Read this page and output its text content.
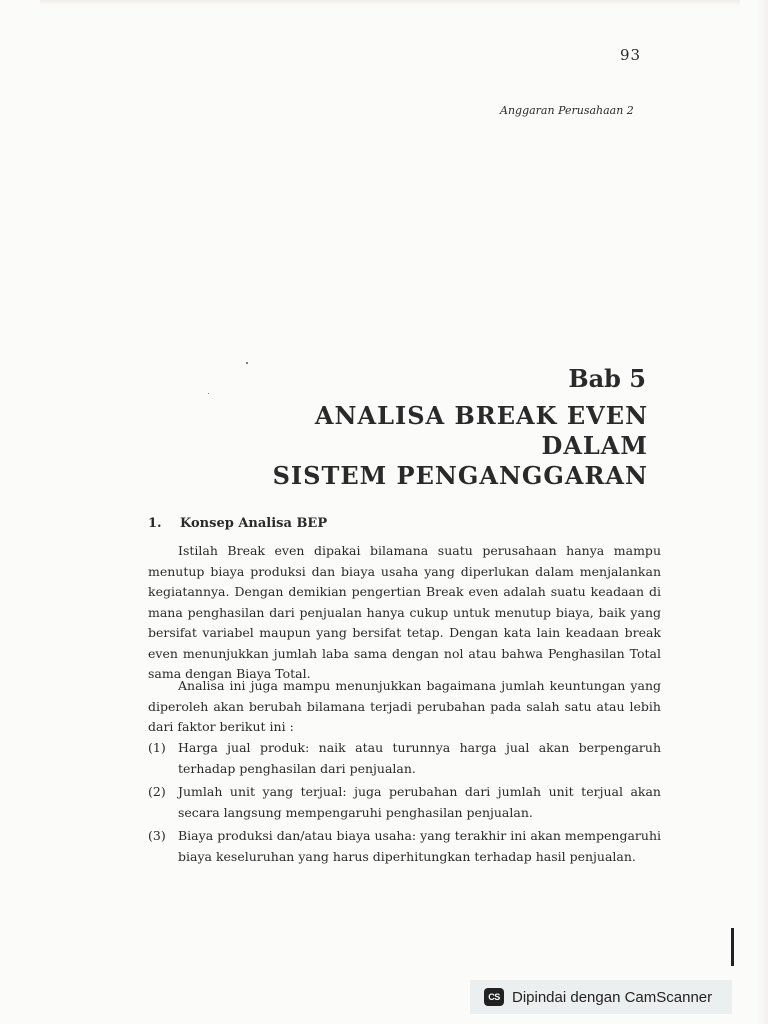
93
Anggaran Perusahaan 2
Bab 5
ANALISA BREAK EVEN
DALAM
SISTEM PENGANGGARAN
1. Konsep Analisa BEP
Istilah Break even dipakai bilamana suatu perusahaan hanya mampu menutup biaya produksi dan biaya usaha yang diperlukan dalam menjalankan kegiatannya. Dengan demikian pengertian Break even adalah suatu keadaan di mana penghasilan dari penjualan hanya cukup untuk menutup biaya, baik yang bersifat variabel maupun yang bersifat tetap. Dengan kata lain keadaan break even menunjukkan jumlah laba sama dengan nol atau bahwa Penghasilan Total sama dengan Biaya Total.
Analisa ini juga mampu menunjukkan bagaimana jumlah keuntungan yang diperoleh akan berubah bilamana terjadi perubahan pada salah satu atau lebih dari faktor berikut ini :
(1) Harga jual produk: naik atau turunnya harga jual akan berpengaruh terhadap penghasilan dari penjualan.
(2) Jumlah unit yang terjual: juga perubahan dari jumlah unit terjual akan secara langsung mempengaruhi penghasilan penjualan.
(3) Biaya produksi dan/atau biaya usaha: yang terakhir ini akan mempengaruhi biaya keseluruhan yang harus diperhitungkan terhadap hasil penjualan.
CS Dipindai dengan CamScanner
